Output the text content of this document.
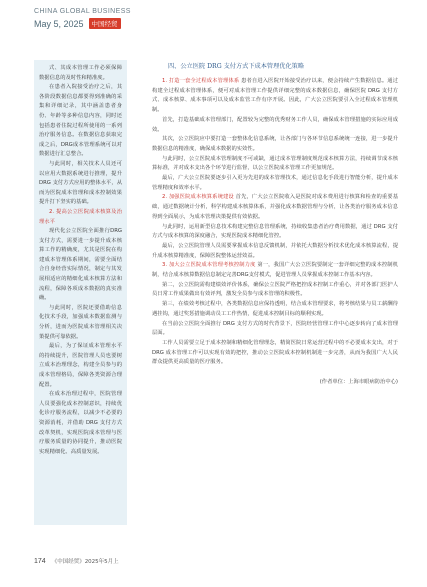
CHINA GLOBAL BUSINESS
May 5, 2025	中国经贸

式、其成本管理工作必须保障数据信息的及时性和精准度。

在患者入院接受治疗之后，其各阶段数据信息都要得到准确的采集和详细记录，其中涵盖患者身份、年龄等多种信息内容，同时还包括患者住院过程所使用的一系列治疗服务信息。在数据信息获取完成之后，DRG成本管理系统可以对数据进行汇总整合。

与此同时，相关技术人员还可以应用大数据系统进行推理，提升 DRG 支付方式应用的整体水平，从而为医院成本管理和成本控制效果提升打下坚实的基础。

2. 提高公立医院成本核算及治理水平

现代化公立医院全面推行DRG 支付方式，需要进一步提升成本核算工作的精确度，尤其是医院在构建成本管理体系期间，需要全面结合自身经营实际情况，制定与其发展相适应的精细化成本核算方法和流程，保障各项成本数据的真实准确。

与此同时，医院还要借助信息化技术手段，加强成本数据监测与分析，进而为医院成本管理相关决策提供可靠依据。

最后，为了保证成本管理水平的持续提升，医院管理人员也要树立成本治理理念，构建全员参与的成本管理格局，保障各类资源合理配置。

在成本治理过程中，医院管理人员要强化成本控制意识，持续优化诊疗服务流程，以减少不必要的资源消耗，并借助 DRG 支付方式改革契机，实现医院成本管理与医疗服务质量的协同提升，推动医院实现精细化、高质量发展。

四、公立医院 DRG 支付方式下成本管理优化策略

1. 打造一套全过程成本管理体系 患者自进入医院开始接受治疗以来，便会持续产生数据信息。通过构建全过程成本管理体系，便可对成本管理工作提供详细完整的成本数据信息，确保医院 DRG 支付方式、成本核算、成本事项可以及成本监管工作有序开展。因此，广大公立医院要引入全过程成本管理机制。

首先，打造基础成本管理部门，配置较为完整的优秀财务工作人员，确保成本管理措施的实际应用成效。

其次，公立医院应中要打造一套整体化信息系统，让各部门与各环节信息系统统一连接，进一步提升数据信息的精准度，确保成本数据的实效性。

与此同时，公立医院成本管理制度不可或缺，通过成本管理制度规范成本核算方法，持续调节成本核算标准，并对成本支出各个环节进行监督，以公立医院成本管理工作更加规范。

最后，广大公立医院要逐步引入更为先进的成本管理技术，通过信息化手段进行智能分析，提升成本管理精度和效率水平。

2. 加强医院成本核算系统建设 首先，广大公立医院收入是医院对成本费用进行核算和检查的重要基础，通过数据统计分析，科学构建成本核算体系，并强化成本数据管理与分析，让各类治疗服务成本信息得到全面展示，为成本管理决策提供有效依据。

与此同时，运用新型信息技术构建完整信息管理系统，持续收集患者治疗费用数据，通过 DRG 支付方式与成本核算的深度融合，实现医院成本精细化管控。

最后，公立医院管理人员需要掌握成本信息反馈机制，并依托大数据分析技术优化成本核算流程，提升成本核算精准度，保障医院整体运营效益。

3. 加大公立医院成本管理考核控制力度 第一，我国广大公立医院要制定一套详细完整的成本控制机制，结合成本核算数据信息制定完善DRG支付模式，促进管理人员掌握成本控制工作基本内容。

第二，公立医院需构建绩效评价体系，确保公立医院严格把控成本控制工作重心，并对各部门医护人员日常工作成果做出有效评判，激发全员参与成本管理的积极性。

第三，在绩效考核过程中，各类数据信息应保持透明，结合成本管理要求，将考核结果与员工薪酬待遇挂钩，通过奖惩措施调动员工工作热情，促进成本控制目标的顺利实现。

在当前公立医院全面推行 DRG 支付方式的时代背景下，医院经营管理工作中心逐步转向了成本管理层面。

工作人员需要立足于成本控制和精细化管理理念，精简医院日常运营过程中的不必要成本支出，对于 DRG 成本管理工作可以实现有效的把控，推动公立医院成本控制机制进一步完善，从而为我国广大人民群众提供更高质量的医疗服务。

(作者单位：上海市眼病防治中心)

174 《中国经贸》2025年5月上
